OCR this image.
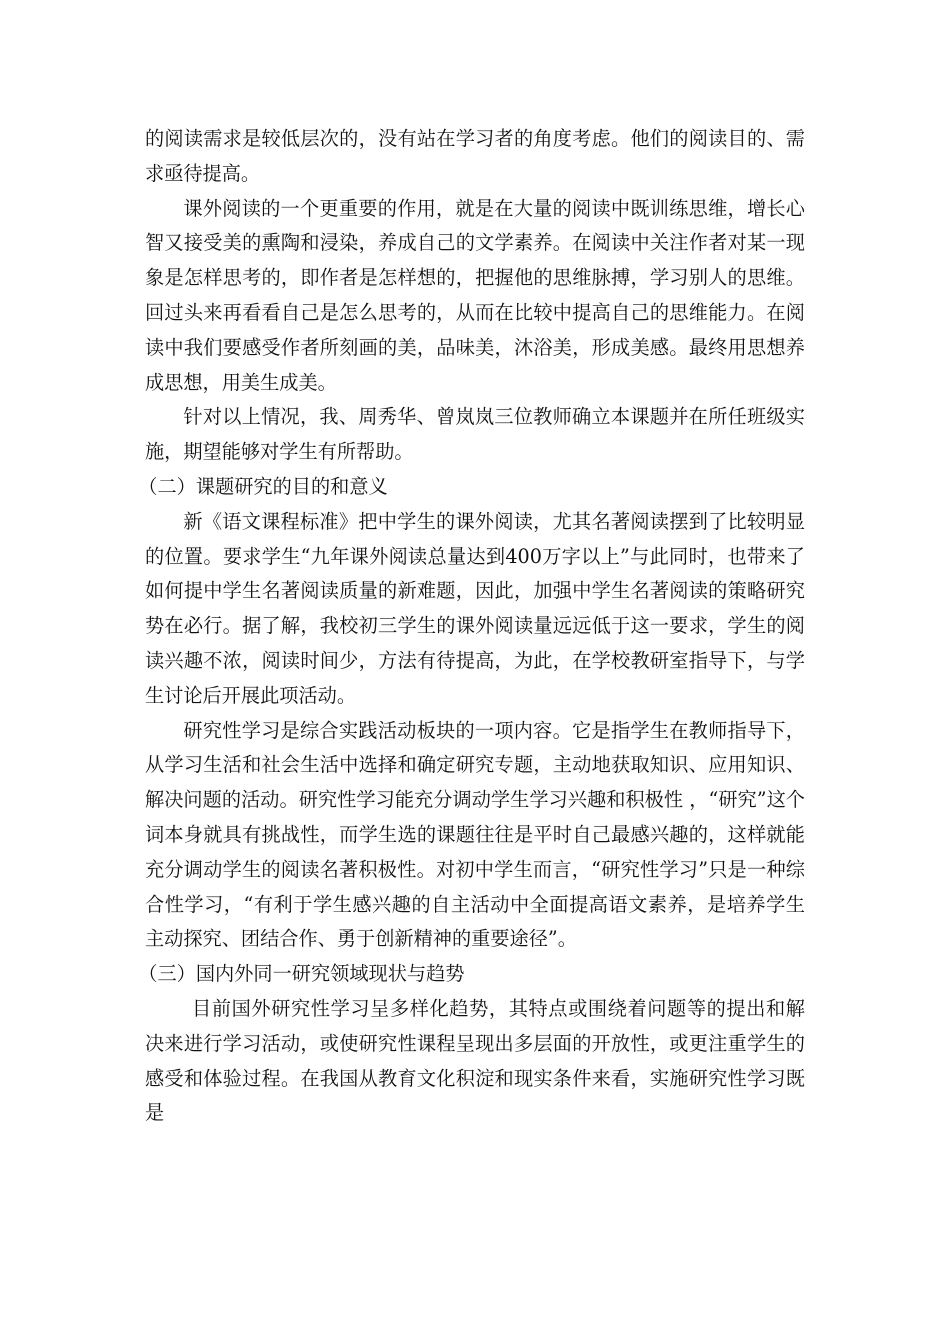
的阅读需求是较低层次的，没有站在学习者的角度考虑。他们的阅读目的、需求亟待提高。

课外阅读的一个更重要的作用，就是在大量的阅读中既训练思维，增长心智又接受美的熏陶和浸染，养成自己的文学素养。在阅读中关注作者对某一现象是怎样思考的，即作者是怎样想的，把握他的思维脉搏，学习别人的思维。回过头来再看看自己是怎么思考的，从而在比较中提高自己的思维能力。在阅读中我们要感受作者所刻画的美，品味美，沐浴美，形成美感。最终用思想养成思想，用美生成美。

针对以上情况，我、周秀华、曾岚岚三位教师确立本课题并在所任班级实施，期望能够对学生有所帮助。

（二）课题研究的目的和意义

新《语文课程标准》把中学生的课外阅读，尤其名著阅读摆到了比较明显的位置。要求学生“九年课外阅读总量达到400万字以上”与此同时，也带来了如何提中学生名著阅读质量的新难题，因此，加强中学生名著阅读的策略研究势在必行。据了解，我校初三学生的课外阅读量远远低于这一要求，学生的阅读兴趣不浓，阅读时间少，方法有待提高，为此，在学校教研室指导下，与学生讨论后开展此项活动。

研究性学习是综合实践活动板块的一项内容。它是指学生在教师指导下，从学习生活和社会生活中选择和确定研究专题，主动地获取知识、应用知识、解决问题的活动。研究性学习能充分调动学生学习兴趣和积极性 ，“研究”这个词本身就具有挑战性，而学生选的课题往往是平时自己最感兴趣的，这样就能充分调动学生的阅读名著积极性。对初中学生而言，“研究性学习”只是一种综合性学习，“有利于学生感兴趣的自主活动中全面提高语文素养，是培养学生主动探究、团结合作、勇于创新精神的重要途径”。

（三）国内外同一研究领域现状与趋势

目前国外研究性学习呈多样化趋势，其特点或围绕着问题等的提出和解决来进行学习活动，或使研究性课程呈现出多层面的开放性，或更注重学生的感受和体验过程。在我国从教育文化积淀和现实条件来看，实施研究性学习既是
